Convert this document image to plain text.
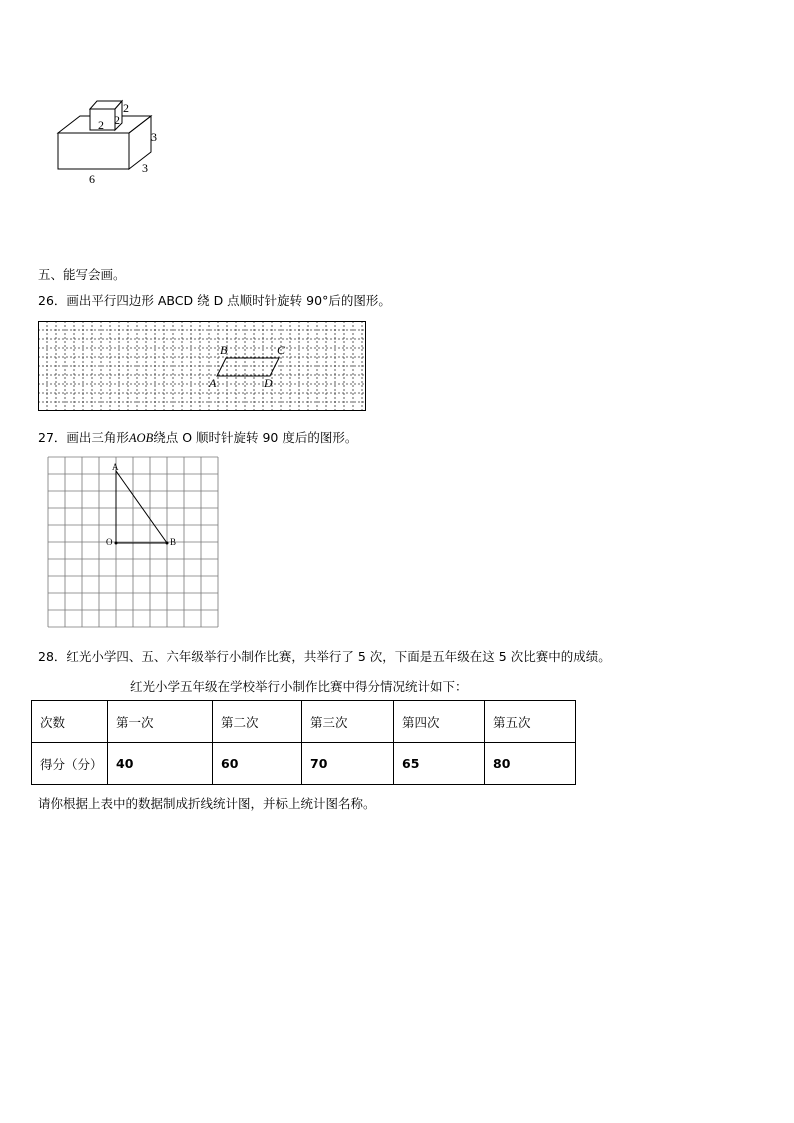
2
2
2
3
3
6
五、能写会画。
26．画出平行四边形 ABCD 绕 D 点顺时针旋转 90°后的图形。
A
B	C
D
27．画出三角形AOB绕点 O 顺时针旋转 90 度后的图形。
A
O	B
28．红光小学四、五、六年级举行小制作比赛，共举行了 5 次，下面是五年级在这 5 次比赛中的成绩。
红光小学五年级在学校举行小制作比赛中得分情况统计如下：
次数	第一次	第二次	第三次	第四次	第五次
得分（分）	40	60	70	65	80
请你根据上表中的数据制成折线统计图，并标上统计图名称。
